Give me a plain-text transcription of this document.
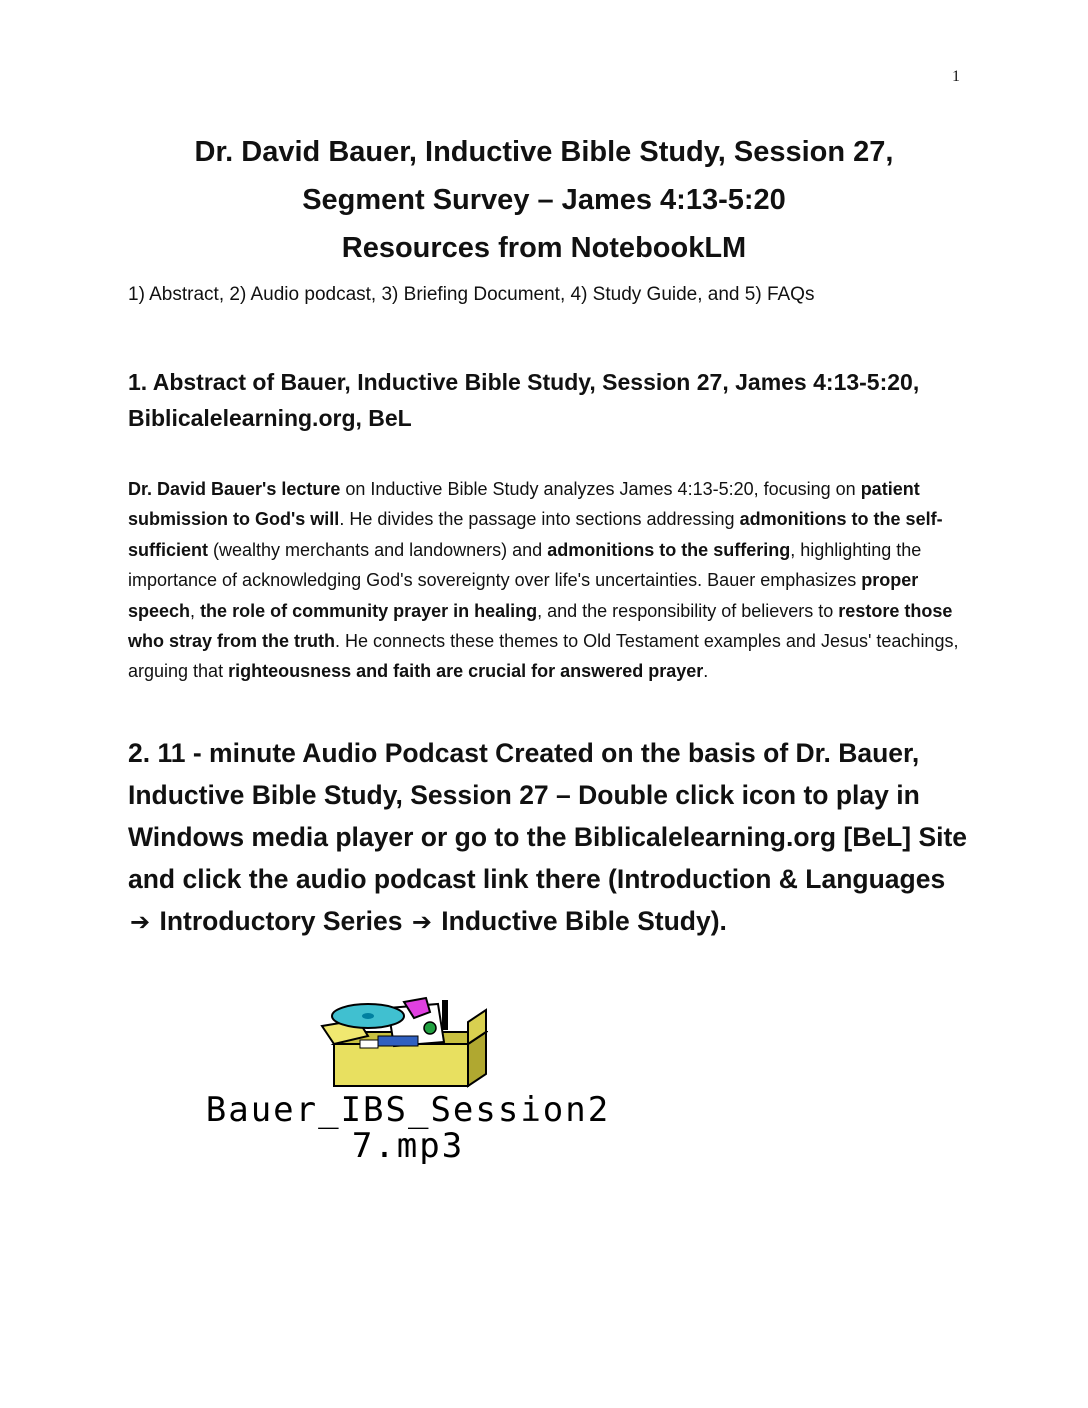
1
Dr. David Bauer, Inductive Bible Study, Session 27,
Segment Survey – James 4:13-5:20
Resources from NotebookLM
1) Abstract, 2) Audio podcast, 3) Briefing Document, 4) Study Guide, and 5) FAQs
1. Abstract of Bauer, Inductive Bible Study, Session 27, James 4:13-5:20, Biblicalelearning.org, BeL
Dr. David Bauer's lecture on Inductive Bible Study analyzes James 4:13-5:20, focusing on patient submission to God's will. He divides the passage into sections addressing admonitions to the self-sufficient (wealthy merchants and landowners) and admonitions to the suffering, highlighting the importance of acknowledging God's sovereignty over life's uncertainties. Bauer emphasizes proper speech, the role of community prayer in healing, and the responsibility of believers to restore those who stray from the truth. He connects these themes to Old Testament examples and Jesus' teachings, arguing that righteousness and faith are crucial for answered prayer.
2. 11 - minute Audio Podcast Created on the basis of Dr. Bauer, Inductive Bible Study, Session 27 – Double click icon to play in Windows media player or go to the Biblicalelearning.org [BeL] Site and click the audio podcast link there (Introduction & Languages ➔ Introductory Series ➔ Inductive Bible Study).
Bauer_IBS_Session2
7.mp3
